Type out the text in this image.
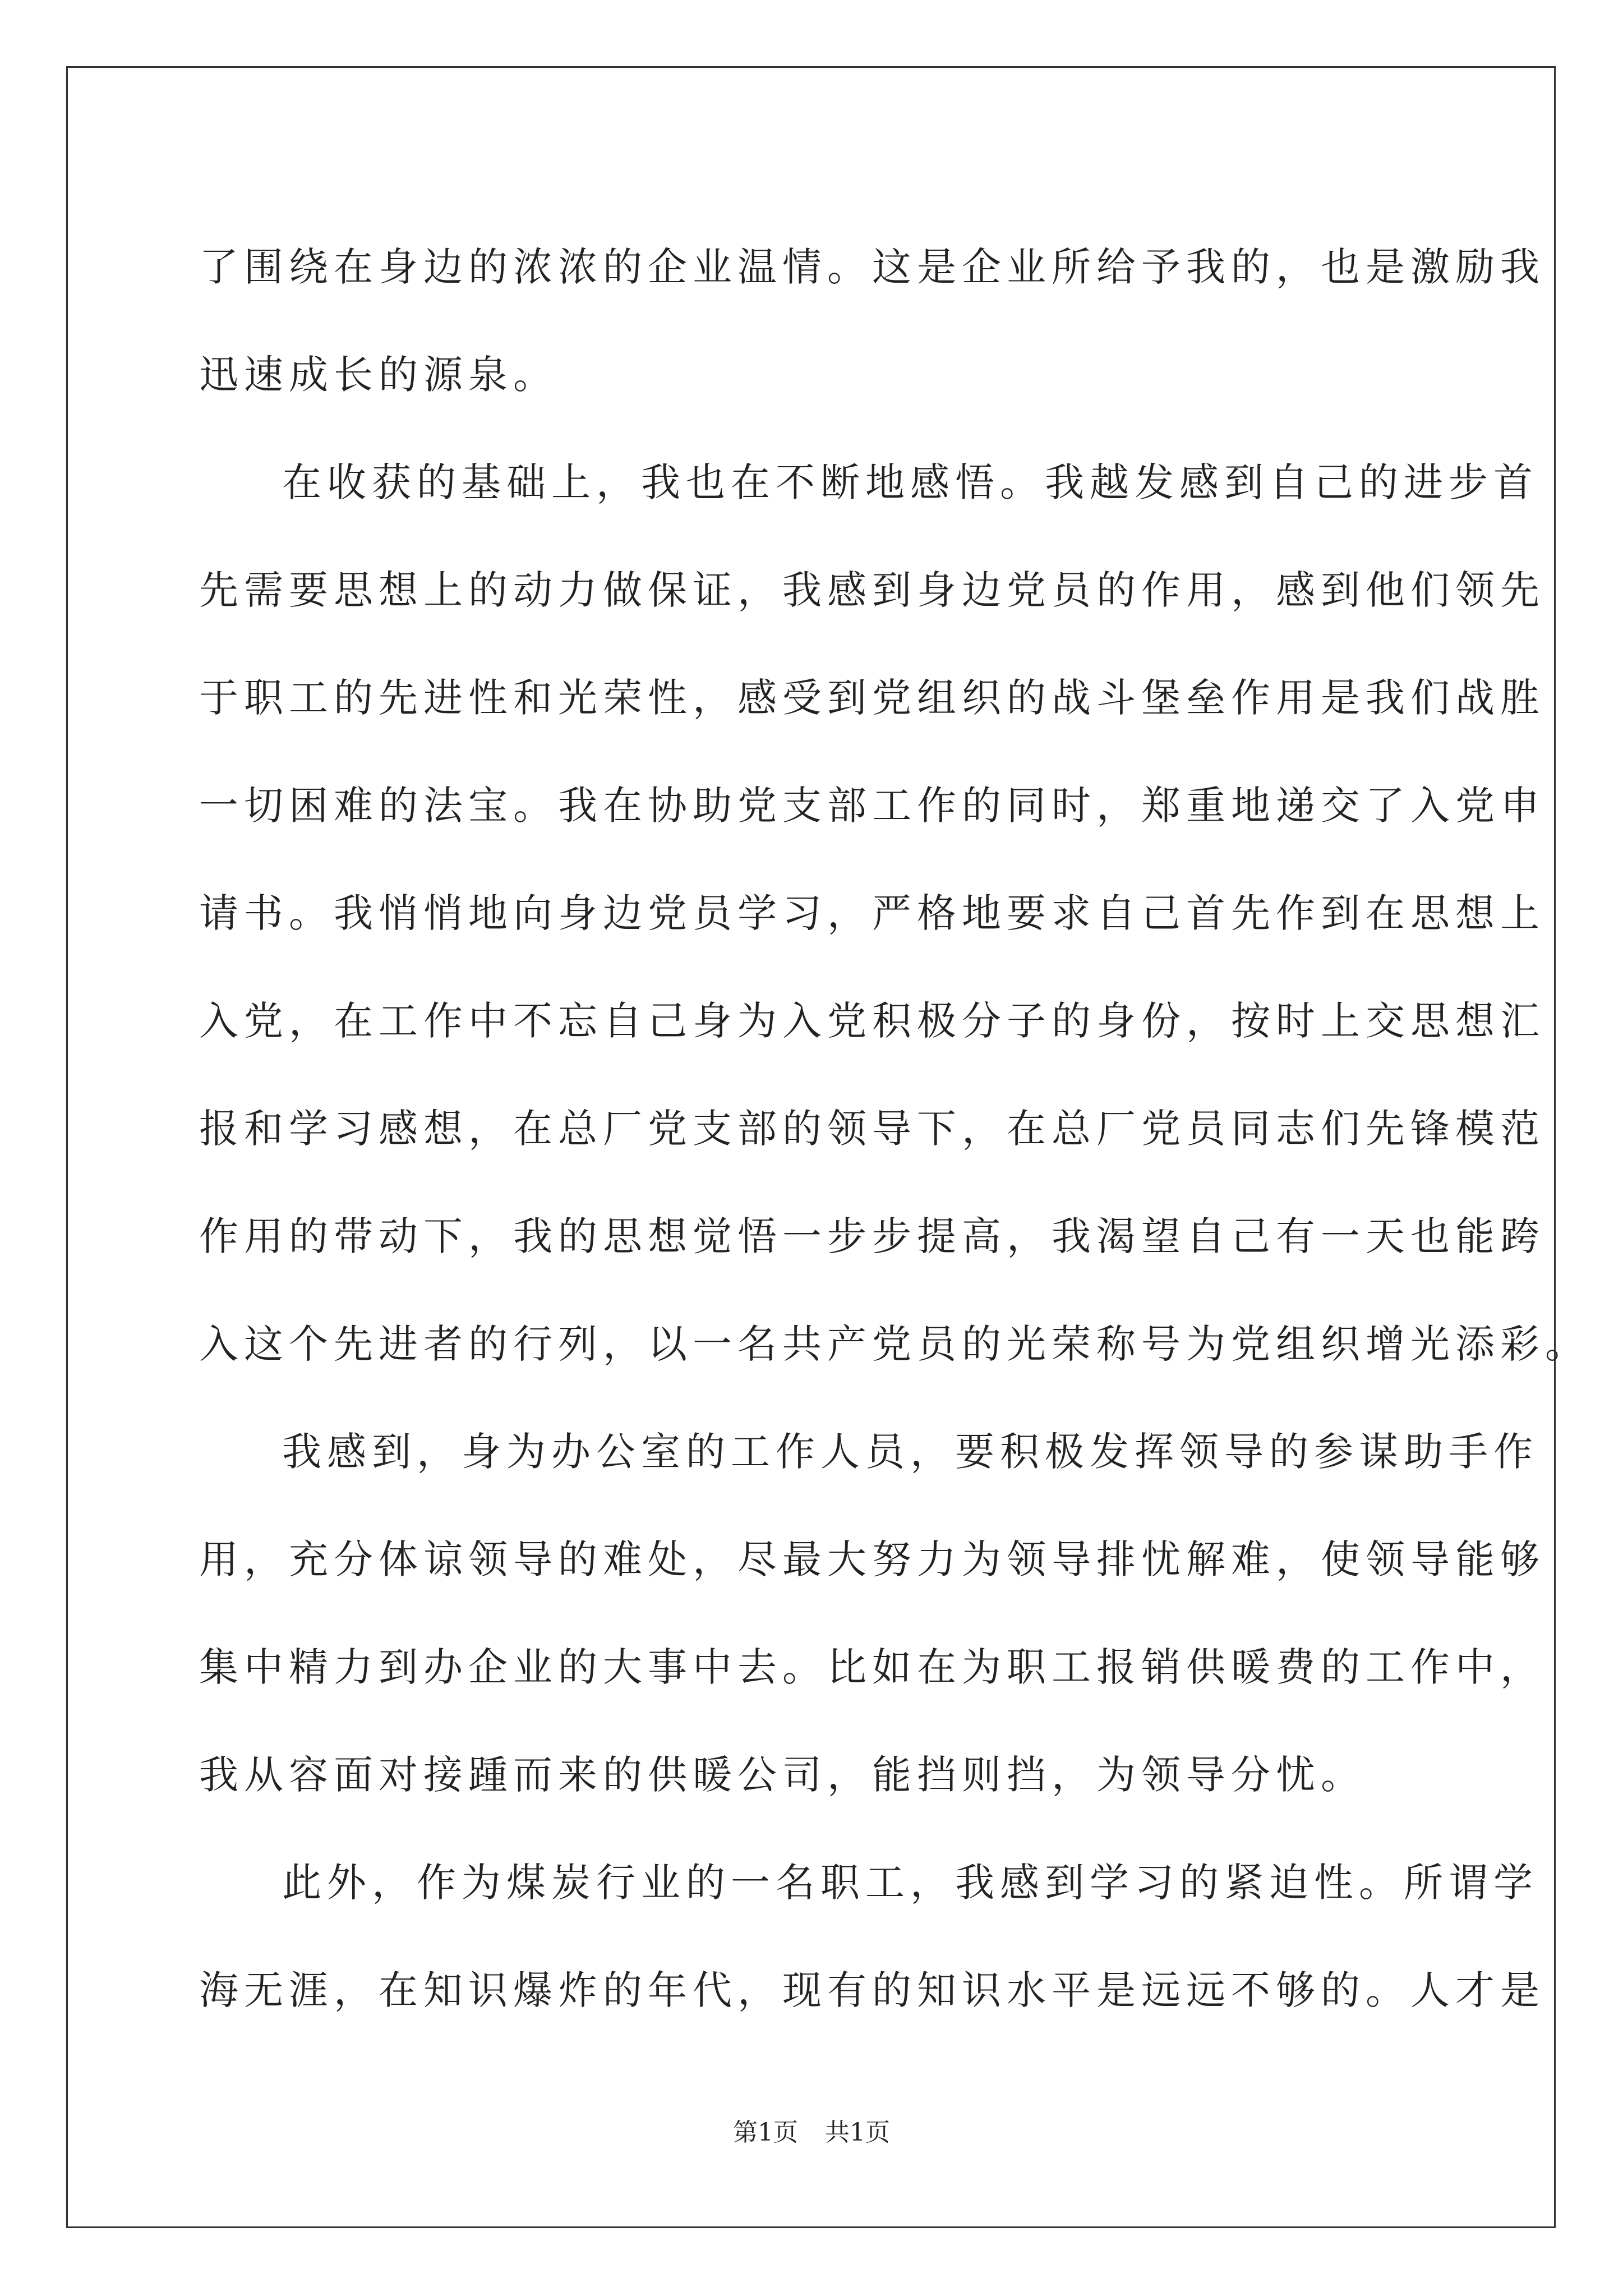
了围绕在身边的浓浓的企业温情。这是企业所给予我的，也是激励我
迅速成长的源泉。
在收获的基础上，我也在不断地感悟。我越发感到自己的进步首
先需要思想上的动力做保证，我感到身边党员的作用，感到他们领先
于职工的先进性和光荣性，感受到党组织的战斗堡垒作用是我们战胜
一切困难的法宝。我在协助党支部工作的同时，郑重地递交了入党申
请书。我悄悄地向身边党员学习，严格地要求自己首先作到在思想上
入党，在工作中不忘自己身为入党积极分子的身份，按时上交思想汇
报和学习感想，在总厂党支部的领导下，在总厂党员同志们先锋模范
作用的带动下，我的思想觉悟一步步提高，我渴望自己有一天也能跨
入这个先进者的行列，以一名共产党员的光荣称号为党组织增光添彩。
我感到，身为办公室的工作人员，要积极发挥领导的参谋助手作
用，充分体谅领导的难处，尽最大努力为领导排忧解难，使领导能够
集中精力到办企业的大事中去。比如在为职工报销供暖费的工作中，
我从容面对接踵而来的供暖公司，能挡则挡，为领导分忧。
此外，作为煤炭行业的一名职工，我感到学习的紧迫性。所谓学
海无涯，在知识爆炸的年代，现有的知识水平是远远不够的。人才是
第1页 共1页
